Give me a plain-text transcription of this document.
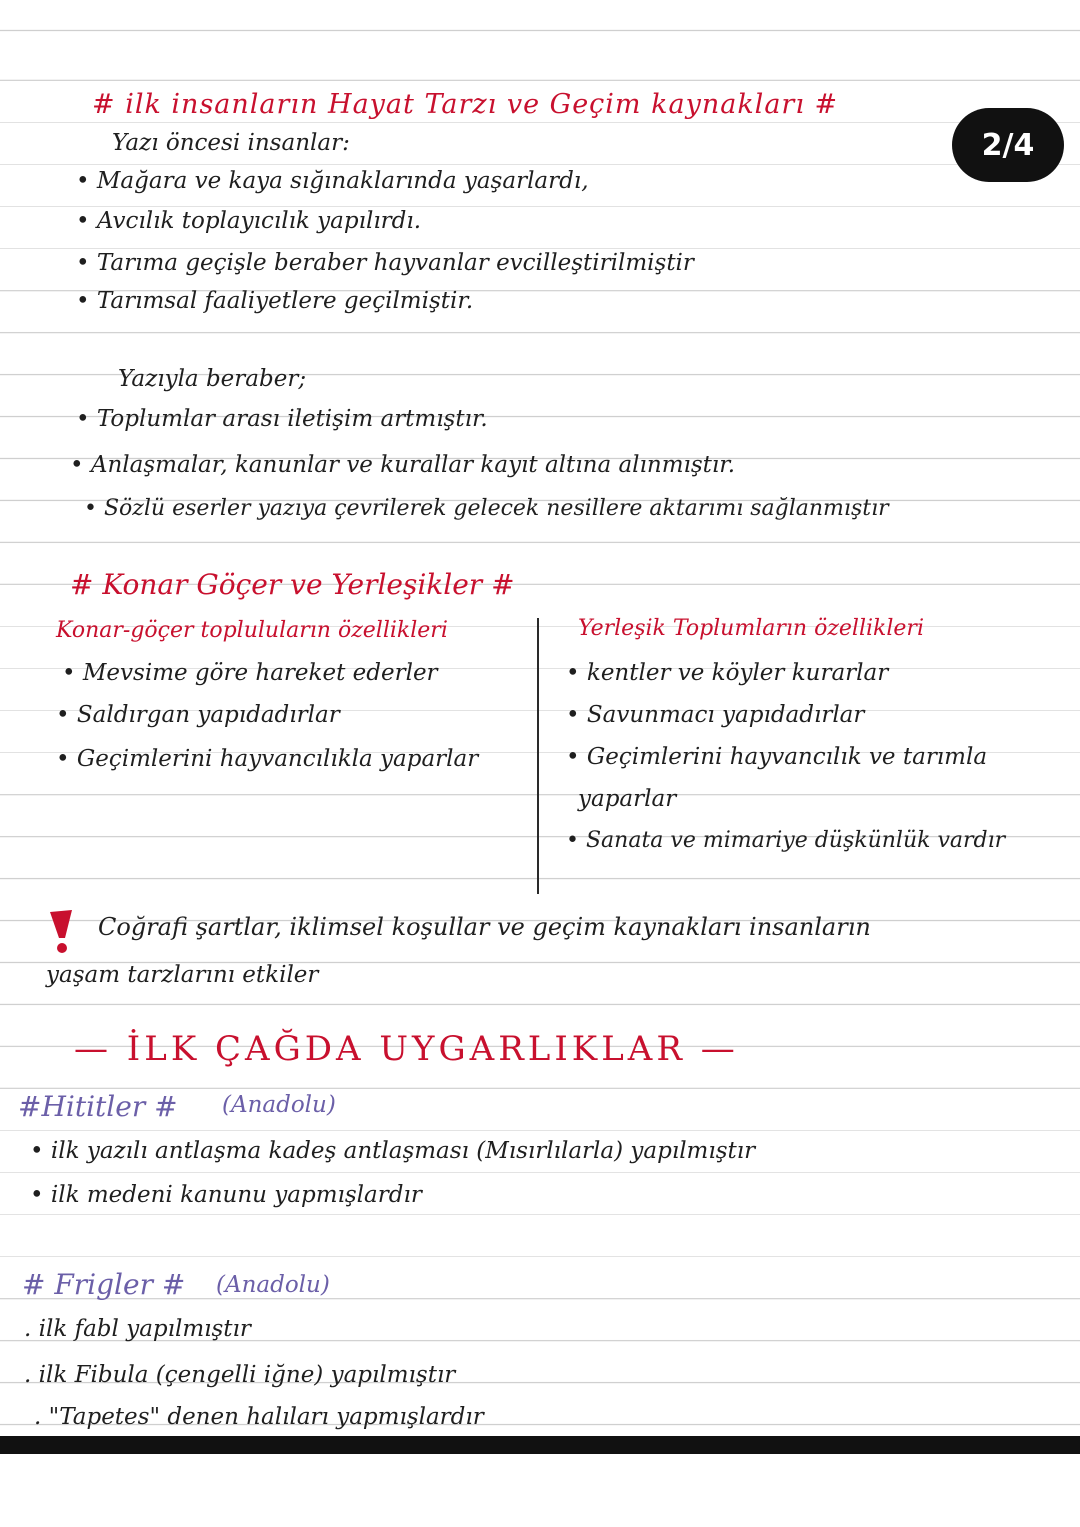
# ilk insanların Hayat Tarzı ve Geçim kaynakları #
Yazı öncesi insanlar:
• Mağara ve kaya sığınaklarında yaşarlardı,
• Avcılık toplayıcılık yapılırdı.
• Tarıma geçişle beraber hayvanlar evcilleştirilmiştir
• Tarımsal faaliyetlere geçilmiştir.
Yazıyla beraber;
• Toplumlar arası iletişim artmıştır.
• Anlaşmalar, kanunlar ve kurallar kayıt altına alınmıştır.
• Sözlü eserler yazıya çevrilerek gelecek nesillere aktarımı sağlanmıştır
# Konar Göçer ve Yerleşikler #
Konar-göçer topluluların özellikleri
• Mevsime göre hareket ederler
• Saldırgan yapıdadırlar
• Geçimlerini hayvancılıkla yaparlar
Yerleşik Toplumların özellikleri
• kentler ve köyler kurarlar
• Savunmacı yapıdadırlar
• Geçimlerini hayvancılık ve tarımla
yaparlar
• Sanata ve mimariye düşkünlük vardır
Coğrafi şartlar, iklimsel koşullar ve geçim kaynakları insanların
yaşam tarzlarını etkiler
— İLK ÇAĞDA UYGARLIKLAR —
#Hititler # (Anadolu)
• ilk yazılı antlaşma kadeş antlaşması (Mısırlılarla) yapılmıştır
• ilk medeni kanunu yapmışlardır
# Frigler # (Anadolu)
. ilk fabl yapılmıştır
. ilk Fibula (çengelli iğne) yapılmıştır
. "Tapetes" denen halıları yapmışlardır
2/4
